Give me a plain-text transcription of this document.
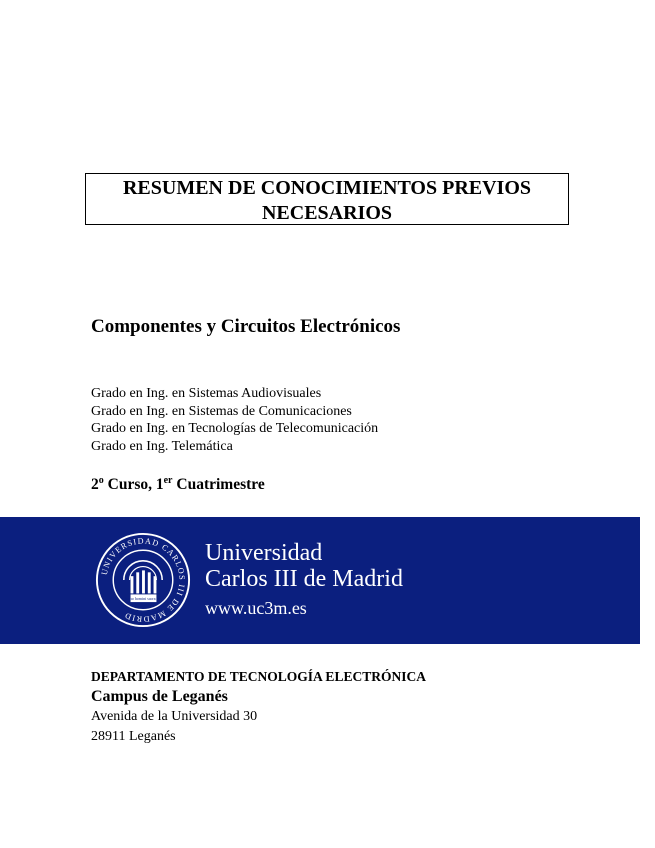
RESUMEN DE CONOCIMIENTOS PREVIOS
NECESARIOS
Componentes y Circuitos Electrónicos
Grado en Ing. en Sistemas Audiovisuales
Grado en Ing. en Sistemas de Comunicaciones
Grado en Ing. en Tecnologías de Telecomunicación
Grado en Ing. Telemática
2$^o$ Curso, 1er Cuatrimestre
UNIVERSIDAD CARLOS III DE MADRID
homo homini sacra res
Universidad
Carlos III de Madrid
www.uc3m.es
DEPARTAMENTO DE TECNOLOGÍA ELECTRÓNICA
Campus de Leganés
Avenida de la Universidad 30
28911 Leganés
